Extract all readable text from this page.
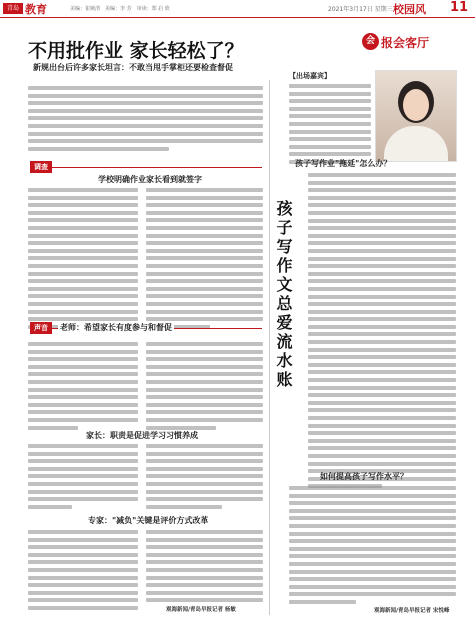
青岛 教育	美编：崔婉清　美编：李 芳　审读：郑 启 欣	2021年3月17日 星期三 校园风 11
不用批作业 家长轻松了？
新规出台后许多家长坦言：不敢当甩手掌柜还要检查督促
会 报会客厅
调查
学校明确作业家长看到就签字
声音	老师：希望家长有度参与和督促
家长：职责是促进学习习惯养成
专家："减负"关键是评价方式改革
观海新闻/青岛早报记者 杨敏
【出场嘉宾】
孩子写作业"拖延"怎么办？
孩子写作文总爱流水账
如何提高孩子写作水平？
观海新闻/青岛早报记者 宋悦峰
